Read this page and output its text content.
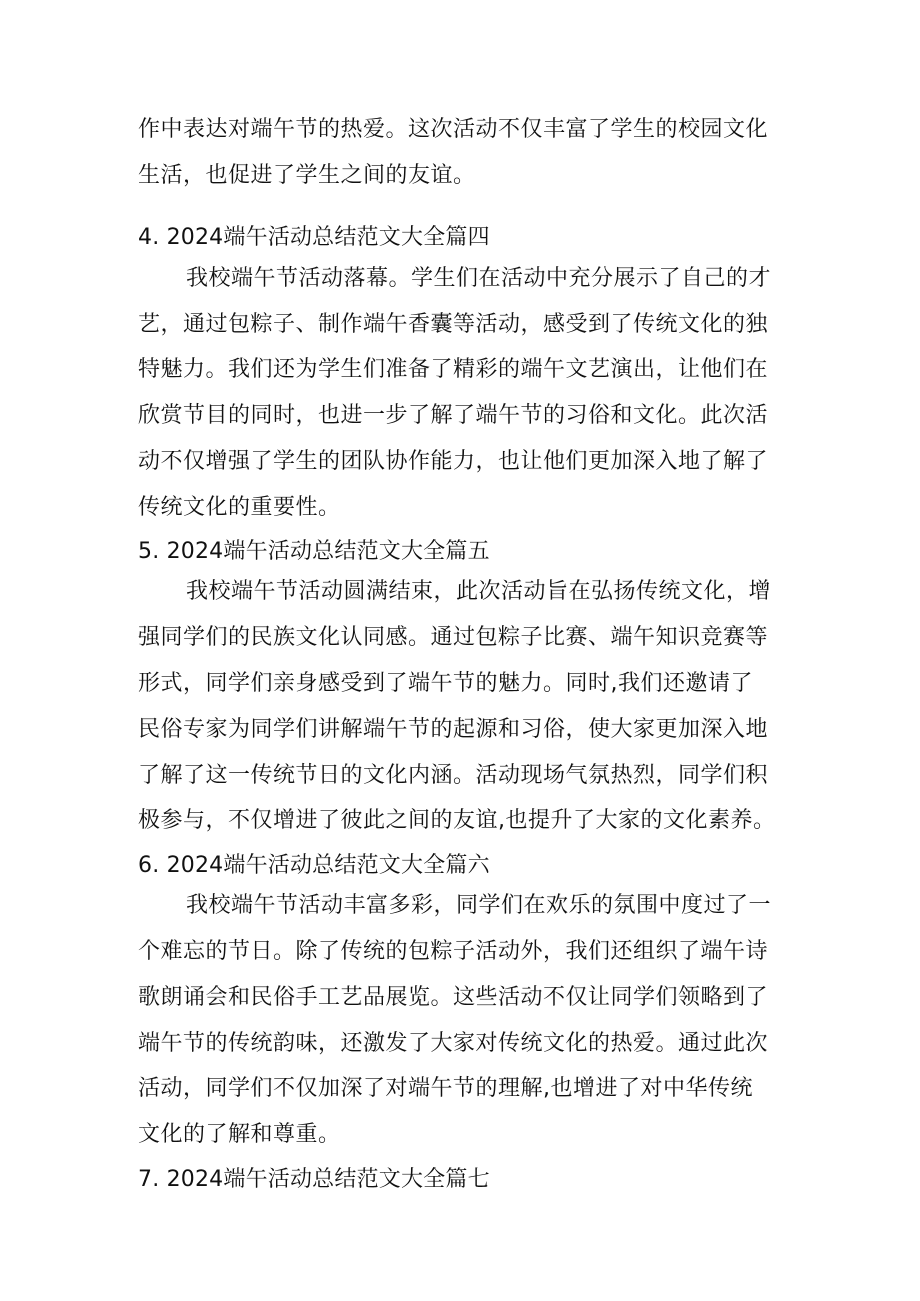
作中表达对端午节的热爱。这次活动不仅丰富了学生的校园文化
生活，也促进了学生之间的友谊。
4. 2024端午活动总结范文大全篇四
我校端午节活动落幕。学生们在活动中充分展示了自己的才
艺，通过包粽子、制作端午香囊等活动，感受到了传统文化的独
特魅力。我们还为学生们准备了精彩的端午文艺演出，让他们在
欣赏节目的同时，也进一步了解了端午节的习俗和文化。此次活
动不仅增强了学生的团队协作能力，也让他们更加深入地了解了
传统文化的重要性。
5. 2024端午活动总结范文大全篇五
我校端午节活动圆满结束，此次活动旨在弘扬传统文化，增
强同学们的民族文化认同感。通过包粽子比赛、端午知识竞赛等
形式，同学们亲身感受到了端午节的魅力。同时,我们还邀请了
民俗专家为同学们讲解端午节的起源和习俗，使大家更加深入地
了解了这一传统节日的文化内涵。活动现场气氛热烈，同学们积
极参与，不仅增进了彼此之间的友谊,也提升了大家的文化素养。
6. 2024端午活动总结范文大全篇六
我校端午节活动丰富多彩，同学们在欢乐的氛围中度过了一
个难忘的节日。除了传统的包粽子活动外，我们还组织了端午诗
歌朗诵会和民俗手工艺品展览。这些活动不仅让同学们领略到了
端午节的传统韵味，还激发了大家对传统文化的热爱。通过此次
活动，同学们不仅加深了对端午节的理解,也增进了对中华传统
文化的了解和尊重。
7. 2024端午活动总结范文大全篇七
